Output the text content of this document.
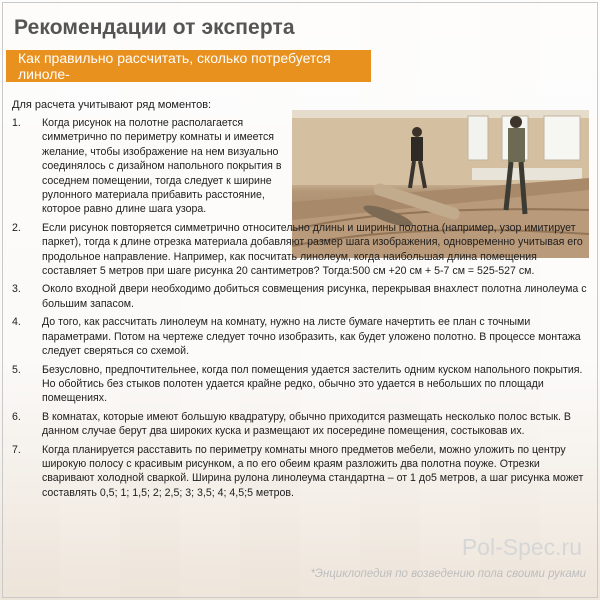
Рекомендации от эксперта
Как правильно рассчитать, сколько потребуется линоле-
Для расчета учитывают ряд моментов:
1. Когда рисунок на полотне располагается симметрично по периметру комнаты и имеется желание, чтобы изображение на нем визуально соединялось с дизайном напольного покрытия в соседнем помещении, тогда следует к ширине рулонного материала прибавить расстояние, которое равно длине шага узора.
2. Если рисунок повторяется симметрично относительно длины и ширины полотна (например, узор имитирует паркет), тогда к длине отрезка материала добавляют размер шага изображения, одновременно учитывая его продольное направление. Например, как посчитать линолеум, когда наибольшая длина помещения составляет 5 метров при шаге рисунка 20 сантиметров? Тогда:500 см +20 см + 5-7 см = 525-527 см.
3. Около входной двери необходимо добиться совмещения рисунка, перекрывая внахлест полотна линолеума с большим запасом.
4. До того, как рассчитать линолеум на комнату, нужно на листе бумаге начертить ее план с точными параметрами. Потом на чертеже следует точно изобразить, как будет уложено полотно. В процессе монтажа следует сверяться со схемой.
5. Безусловно, предпочтительнее, когда пол помещения удается застелить одним куском напольного покрытия. Но обойтись без стыков полотен удается крайне редко, обычно это удается в небольших по площади помещениях.
6. В комнатах, которые имеют большую квадратуру, обычно приходится размещать несколько полос встык. В данном случае берут два широких куска и размещают их посередине помещения, состыковав их.
7. Когда планируется расставить по периметру комнаты много предметов мебели, можно уложить по центру широкую полосу с красивым рисунком, а по его обеим краям разложить два полотна поуже. Отрезки сваривают холодной сваркой. Ширина рулона линолеума стандартна – от 1 до5 метров, а шаг рисунка может составлять 0,5; 1; 1,5; 2; 2,5; 3; 3,5; 4; 4,5;5 метров.
Pol-Spec.ru
*Энциклопедия по возведению пола своими руками
